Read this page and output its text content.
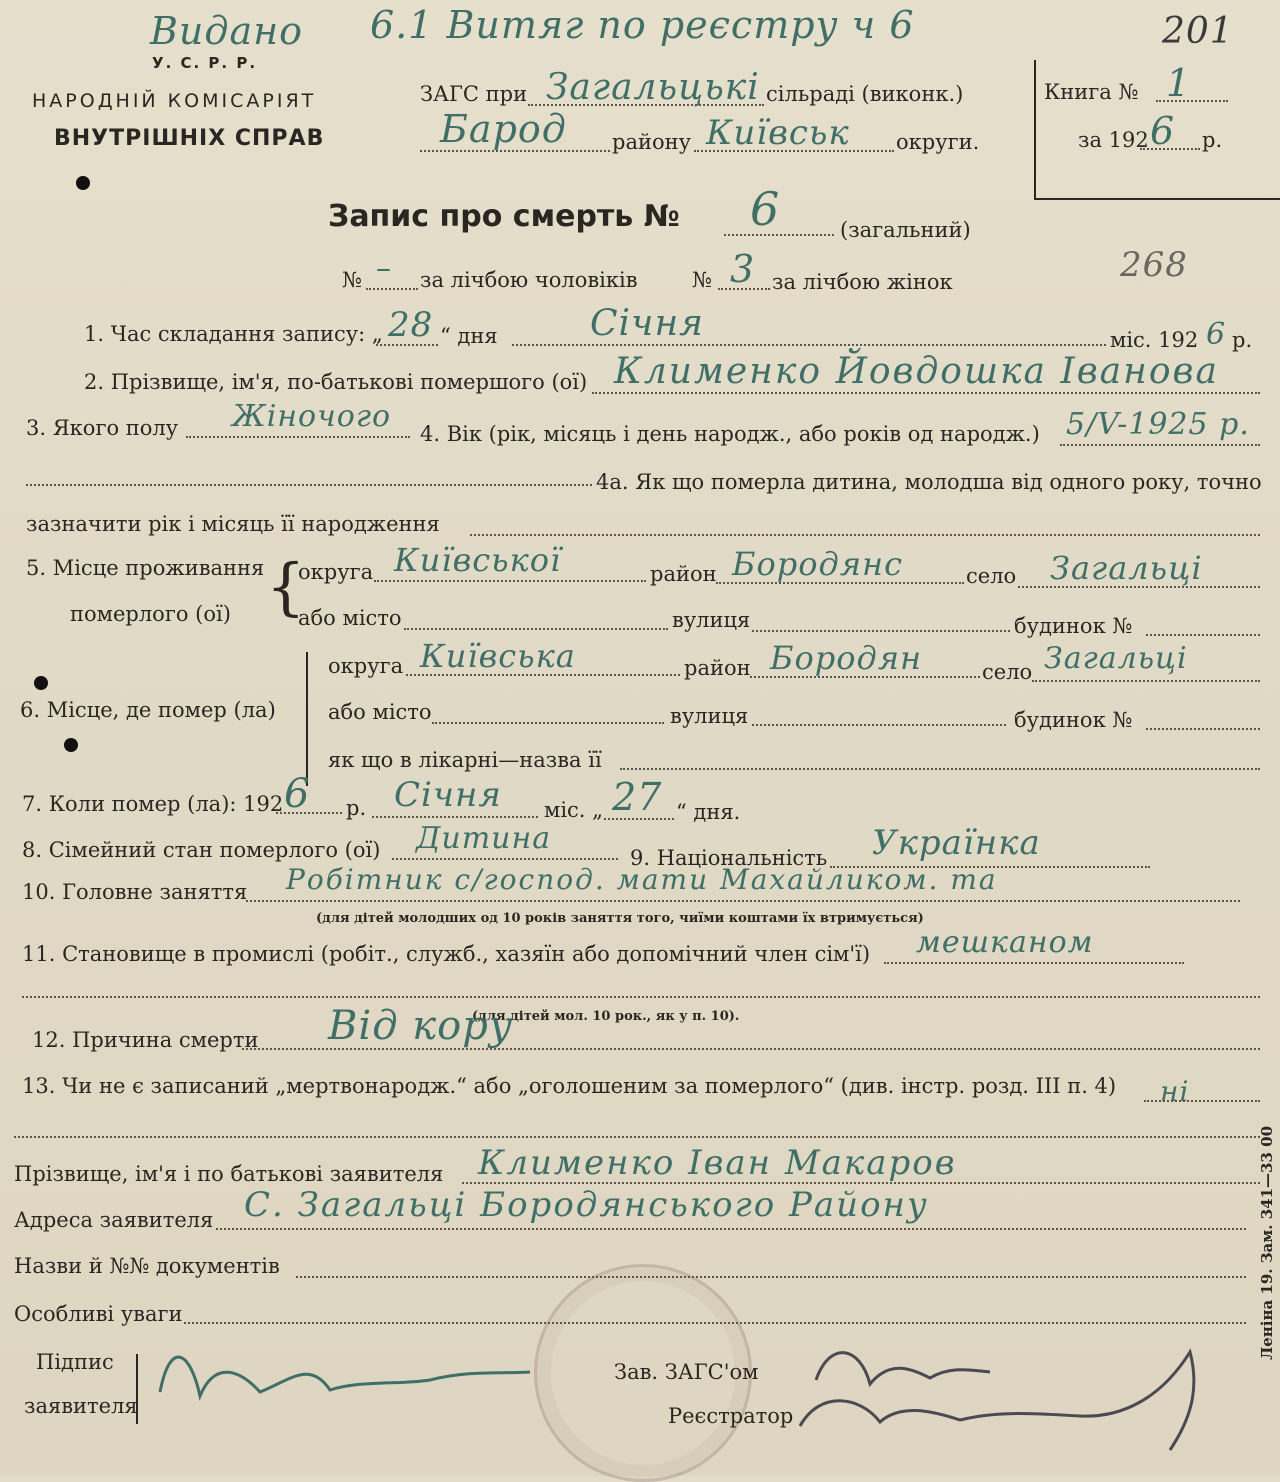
Видано 6.1 Витяг по реєстру ч 6	201
268
У. С. Р. Р.
НАРОДНІЙ КОМІСАРІЯТ
ВНУТРІШНІХ СПРАВ
ЗАГС при Загальцькі сільраді (виконк.)
Барод району Київськ округи.
Книга № 1
за 192 6 р.
Запис про смерть № 6	(загальний)
№ – за лічбою чоловіків	№ 3 за лічбою жінок
1. Час складання запису: „ 28 “ дня	Січня	міс. 192 6 р.
2. Прізвище, ім'я, по-батькові помершого (ої) Клименко Йовдошка Іванова
3. Якого полу Жіночого 4. Вік (рік, місяць і день народж., або років од народж.) 5/V-1925 р.
4а. Як що померла дитина, молодша від одного року, точно
зазначити рік і місяць її народження
5. Місце проживання
померлого (ої) {
округа Київської	район Бородянс	село Загальці
або місто	вулиця	будинок №
6. Місце, де помер (ла)
округа Київська	район Бородян	село Загальці
або місто	вулиця	будинок №
як що в лікарні—назва її
7. Коли помер (ла): 192 6 р. Січня міс. „ 27 “ дня.
8. Сімейний стан померлого (ої) Дитина
9. Національність Українка
10. Головне заняття Робітник с/господ. мати Махайликом. та
(для дітей молодших од 10 років заняття того, чиїми коштами їх втримується)
11. Становище в промислі (робіт., служб., хазяїн або допомічний член сім'ї) мешканом
(для дітей мол. 10 рок., як у п. 10).
12. Причина смерти Від кору
13. Чи не є записаний „мертвонародж.“ або „оголошеним за померлого“ (див. інстр. розд. III п. 4) ні
Прізвище, ім'я і по батькові заявителя Клименко Іван Макаров
Адреса заявителя С. Загальці Бородянського Району
Назви й №№ документів
Особливі уваги
Підпис
заявителя
Зав. ЗАГС'ом
Реєстратор
Леніна 19. Зам. 341—33 00
